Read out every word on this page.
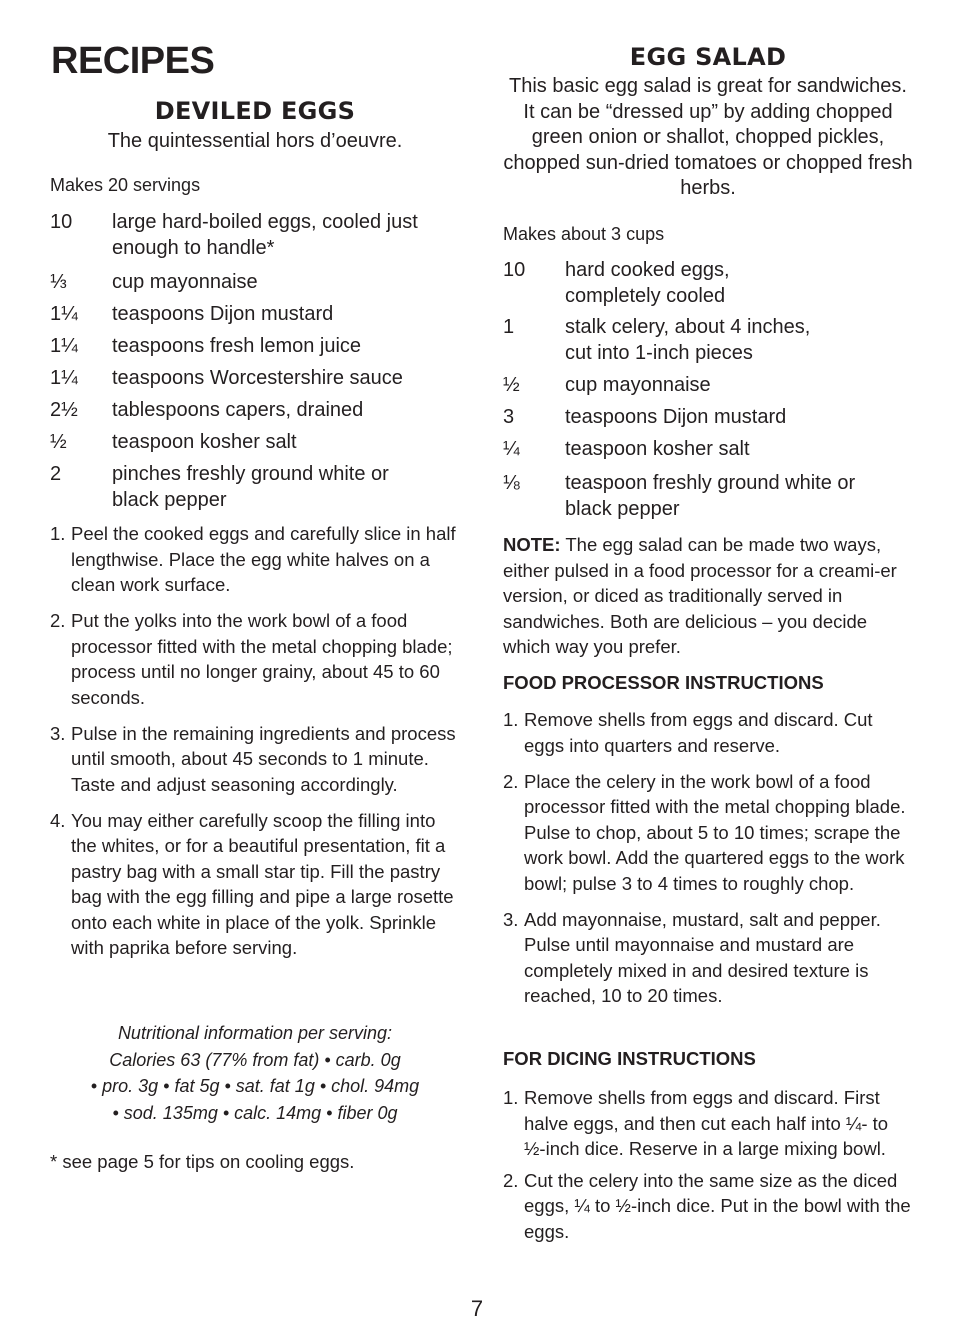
RECIPES
DEVILED EGGS

The quintessential hors d’oeuvre.

Makes 20 servings

10	large hard-boiled eggs, cooled just enough to handle*
⅓	cup mayonnaise
1¼	teaspoons Dijon mustard
1¼	teaspoons fresh lemon juice
1¼	teaspoons Worcestershire sauce
2½	tablespoons capers, drained
½	teaspoon kosher salt
2	pinches freshly ground white or black pepper
1. Peel the cooked eggs and carefully slice in half lengthwise. Place the egg white halves on a clean work surface.
2. Put the yolks into the work bowl of a food processor fitted with the metal chopping blade; process until no longer grainy, about 45 to 60 seconds.
3. Pulse in the remaining ingredients and process until smooth, about 45 seconds to 1 minute. Taste and adjust seasoning accordingly.
4. You may either carefully scoop the filling into the whites, or for a beautiful presentation, fit a pastry bag with a small star tip. Fill the pastry bag with the egg filling and pipe a large rosette onto each white in place of the yolk. Sprinkle with paprika before serving.

Nutritional information per serving:

Calories 63 (77% from fat) • carb. 0g

• pro. 3g • fat 5g • sat. fat 1g • chol. 94mg

• sod. 135mg • calc. 14mg • fiber 0g

* see page 5 for tips on cooling eggs.

EGG SALAD

This basic egg salad is great for sandwiches. It can be “dressed up” by adding chopped green onion or shallot, chopped pickles, chopped sun-dried tomatoes or chopped fresh herbs.

Makes about 3 cups

10	hard cooked eggs, completely cooled
1	stalk celery, about 4 inches, cut into 1-inch pieces
½	cup mayonnaise
3	teaspoons Dijon mustard
¼	teaspoon kosher salt
⅛	teaspoon freshly ground white or black pepper

NOTE: The egg salad can be made two ways, either pulsed in a food processor for a creami-er version, or diced as traditionally served in sandwiches. Both are delicious – you decide which way you prefer.

FOOD PROCESSOR INSTRUCTIONS

1. Remove shells from eggs and discard. Cut eggs into quarters and reserve.
2. Place the celery in the work bowl of a food processor fitted with the metal chopping blade. Pulse to chop, about 5 to 10 times; scrape the work bowl. Add the quartered eggs to the work bowl; pulse 3 to 4 times to roughly chop.
3. Add mayonnaise, mustard, salt and pepper. Pulse until mayonnaise and mustard are completely mixed in and desired texture is reached, 10 to 20 times.

FOR DICING INSTRUCTIONS

1. Remove shells from eggs and discard. First halve eggs, and then cut each half into ¼- to ½-inch dice. Reserve in a large mixing bowl.
2. Cut the celery into the same size as the diced eggs, ¼ to ½-inch dice. Put in the bowl with the eggs.
7
